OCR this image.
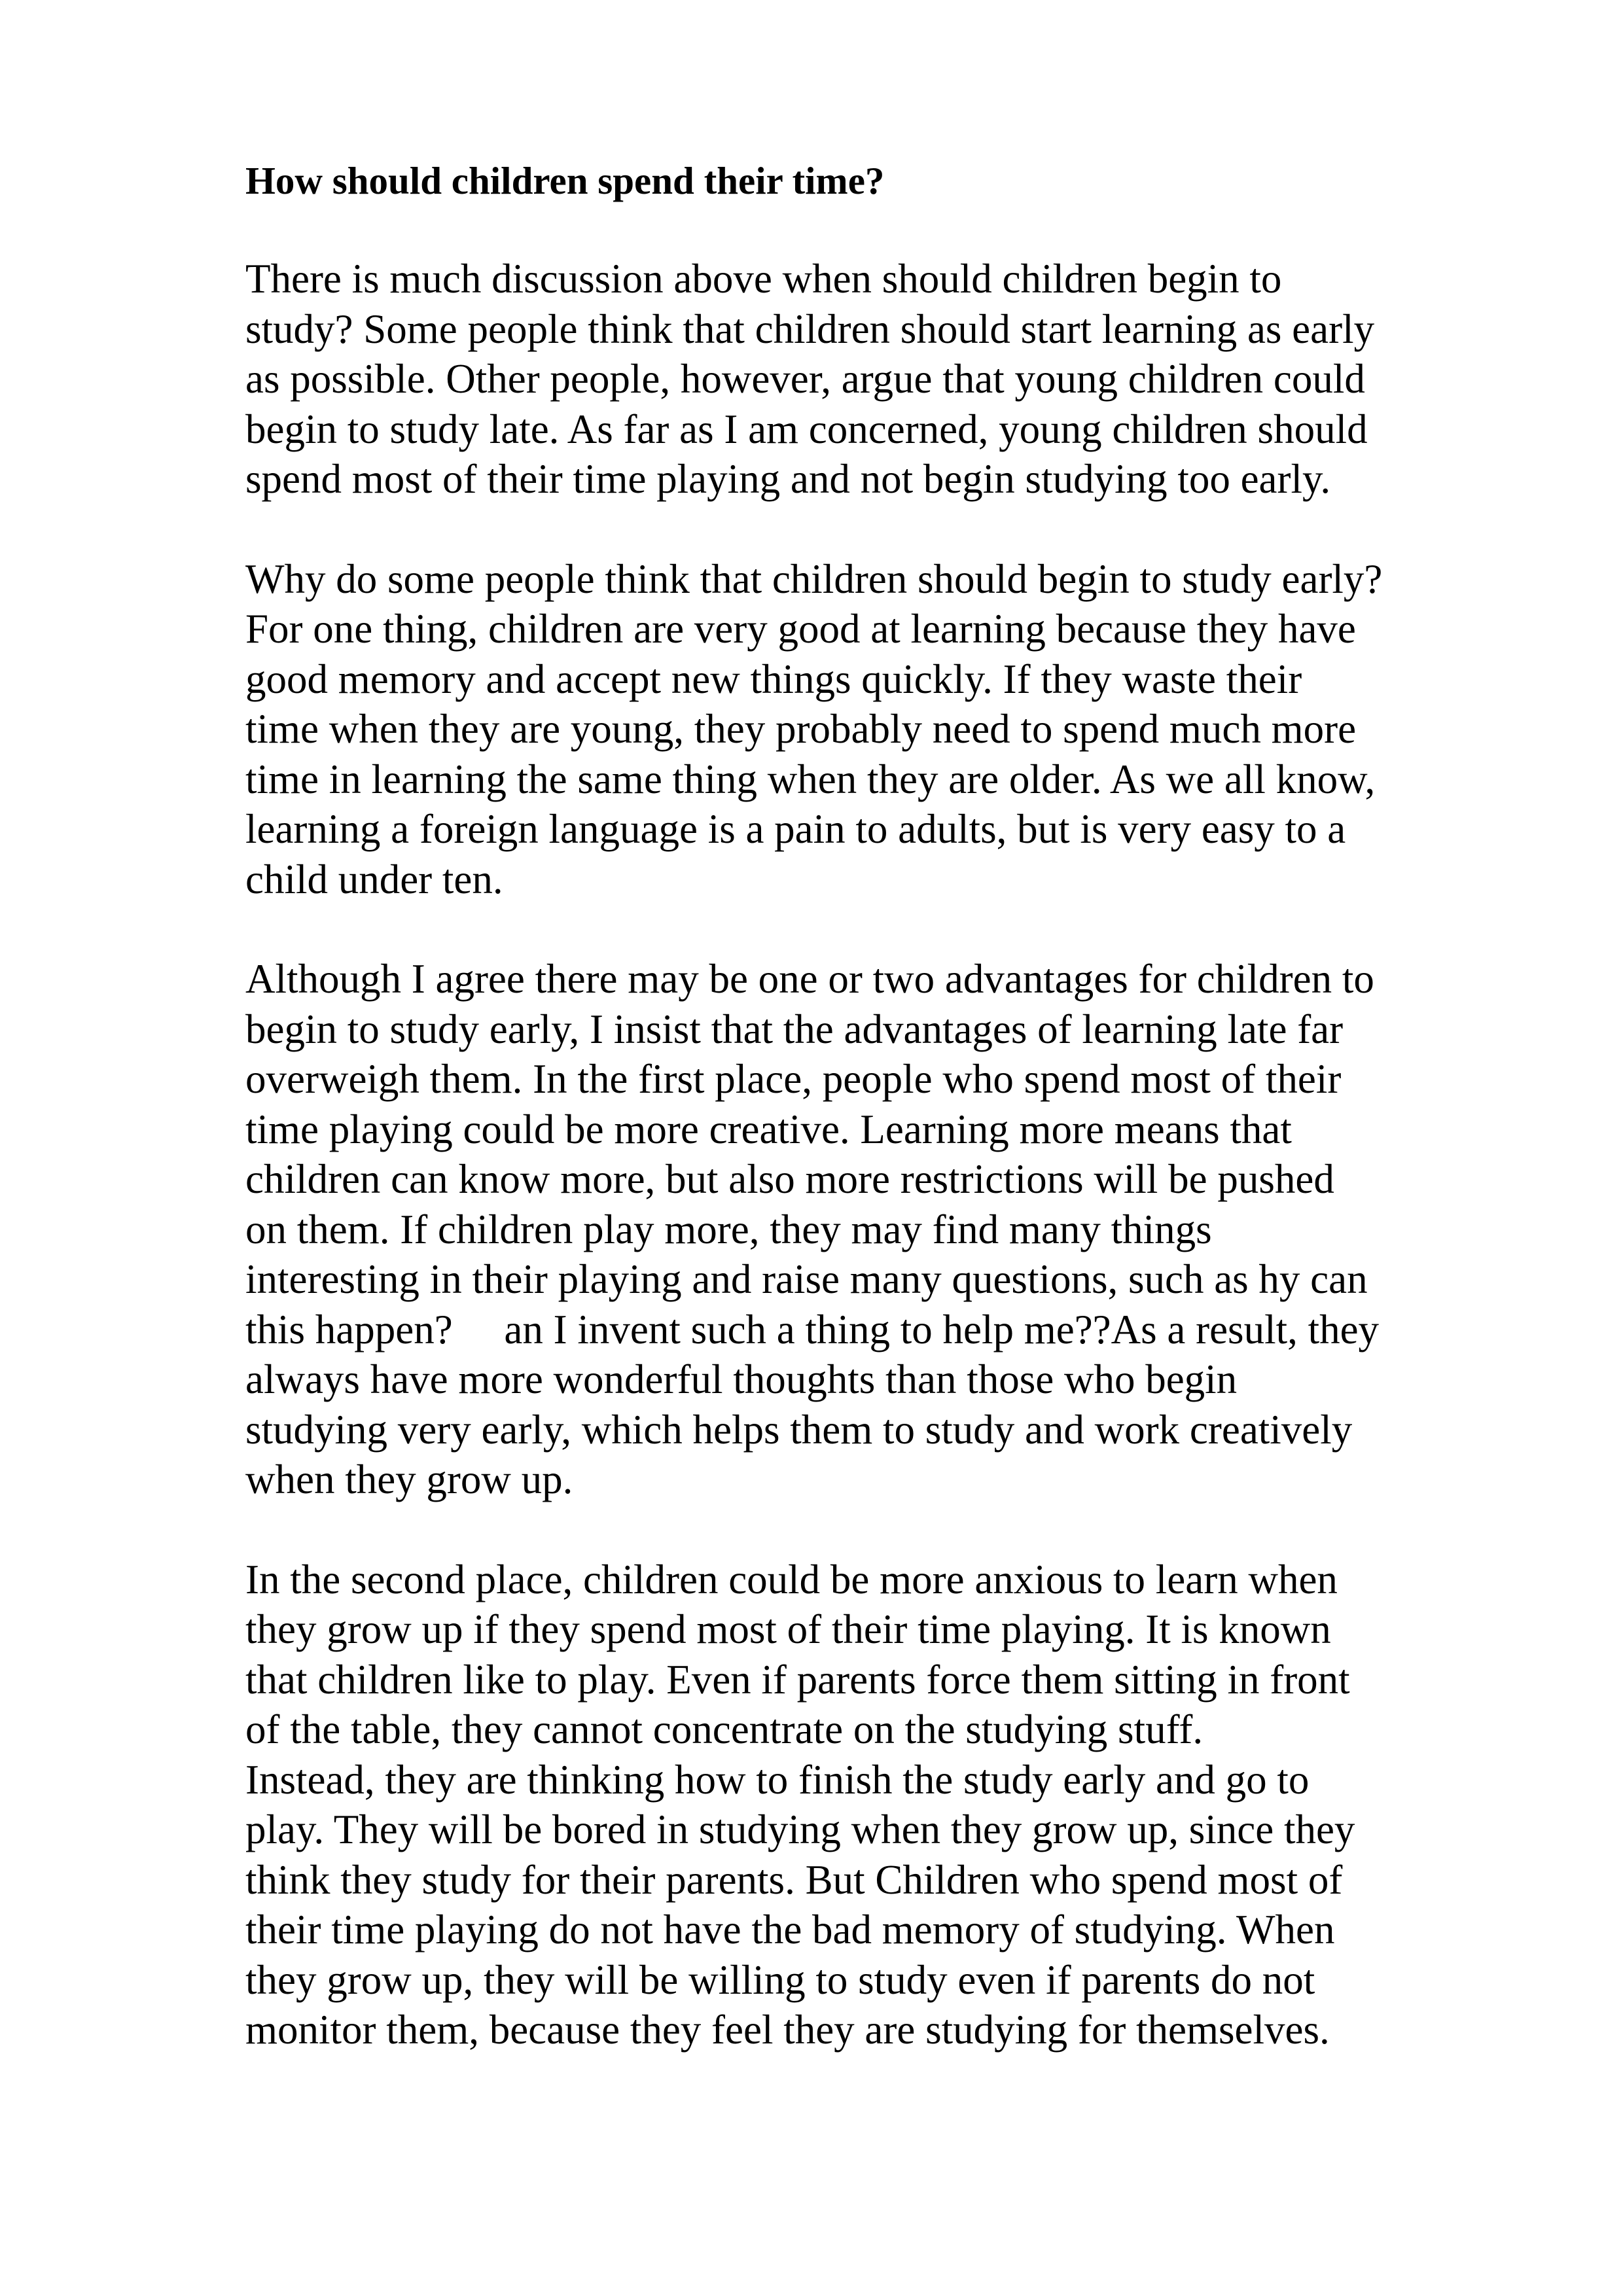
How should children spend their time?

There is much discussion above when should children begin to
study? Some people think that children should start learning as early
as possible. Other people, however, argue that young children could
begin to study late. As far as I am concerned, young children should
spend most of their time playing and not begin studying too early.

Why do some people think that children should begin to study early?
For one thing, children are very good at learning because they have
good memory and accept new things quickly. If they waste their
time when they are young, they probably need to spend much more
time in learning the same thing when they are older. As we all know,
learning a foreign language is a pain to adults, but is very easy to a
child under ten.

Although I agree there may be one or two advantages for children to
begin to study early, I insist that the advantages of learning late far
overweigh them. In the first place, people who spend most of their
time playing could be more creative. Learning more means that
children can know more, but also more restrictions will be pushed
on them. If children play more, they may find many things
interesting in their playing and raise many questions, such as hy can
this happen?     an I invent such a thing to help me??As a result, they
always have more wonderful thoughts than those who begin
studying very early, which helps them to study and work creatively
when they grow up.

In the second place, children could be more anxious to learn when
they grow up if they spend most of their time playing. It is known
that children like to play. Even if parents force them sitting in front
of the table, they cannot concentrate on the studying stuff.
Instead, they are thinking how to finish the study early and go to
play. They will be bored in studying when they grow up, since they
think they study for their parents. But Children who spend most of
their time playing do not have the bad memory of studying. When
they grow up, they will be willing to study even if parents do not
monitor them, because they feel they are studying for themselves.
